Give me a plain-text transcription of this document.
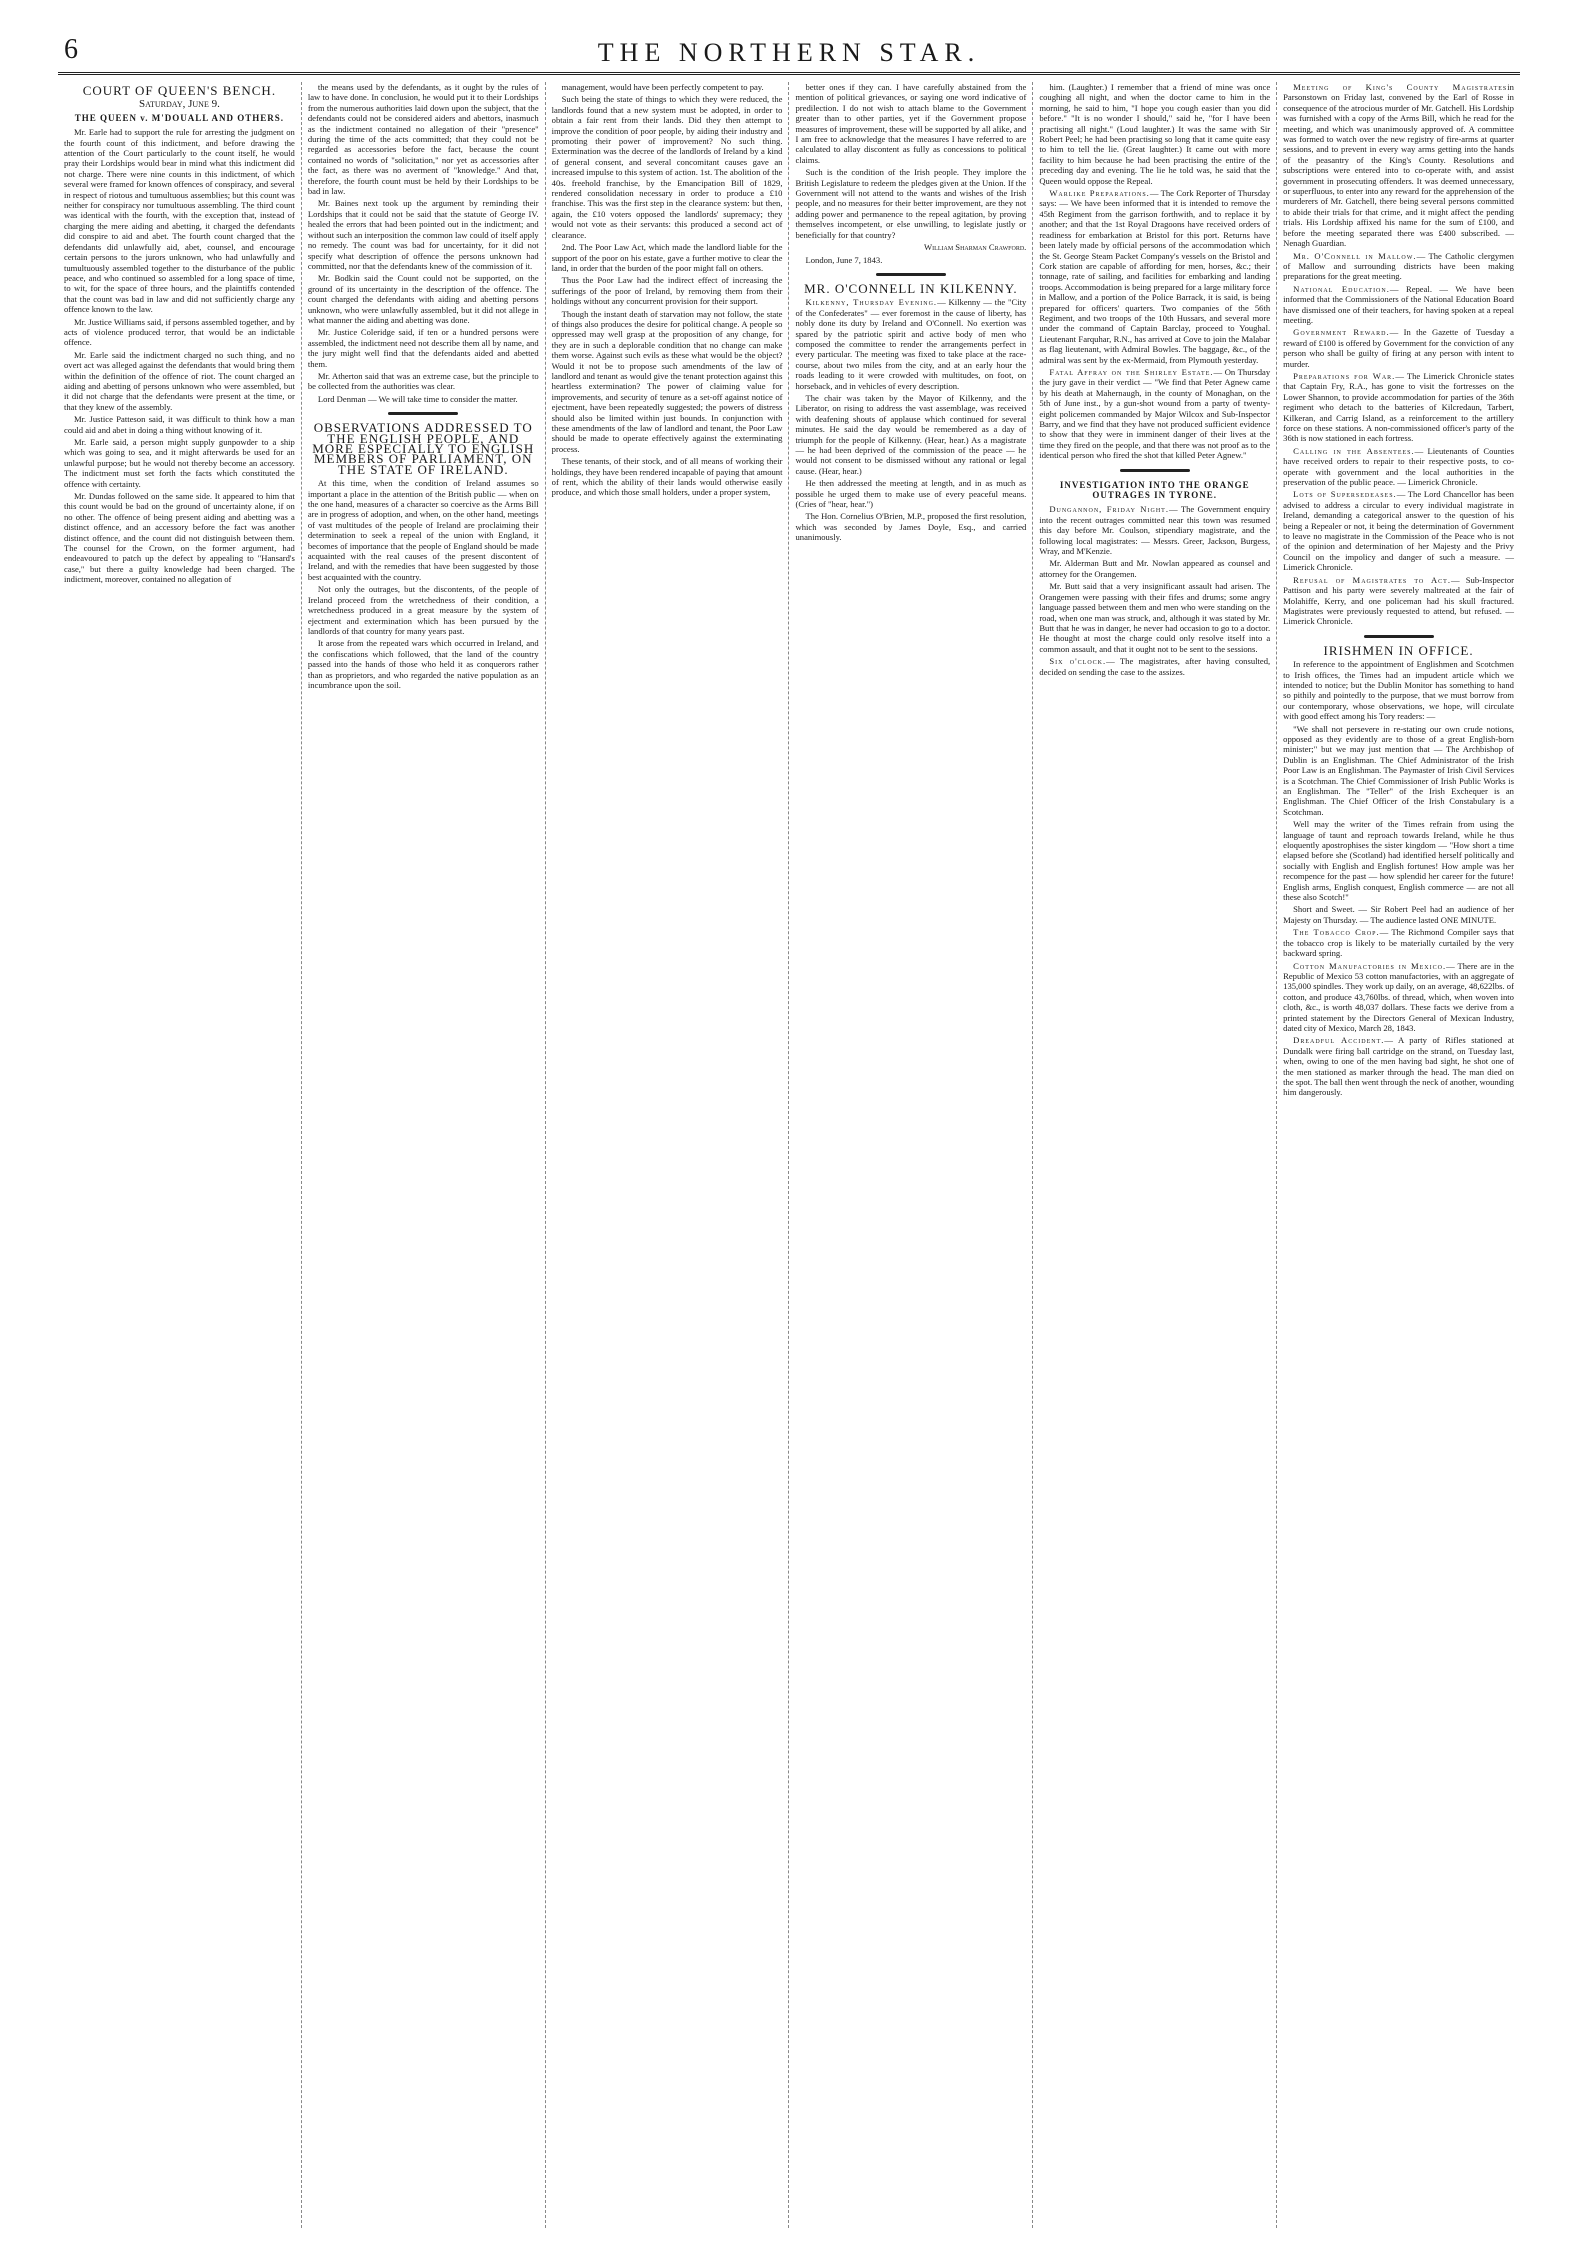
6	THE NORTHERN STAR.
COURT OF QUEEN'S BENCH.
Saturday, June 9.
THE QUEEN v. M'DOUALL AND OTHERS.

Mr. Earle had to support the rule for arresting the judgment on the fourth count of this indictment, and before drawing the attention of the Court particularly to the count itself, he would pray their Lordships would bear in mind what this indictment did not charge. There were nine counts in this indictment, of which several were framed for known offences of conspiracy, and several in respect of riotous and tumultuous assemblies; but this count was neither for conspiracy nor tumultuous assembling. The third count was identical with the fourth, with the exception that, instead of charging the mere aiding and abetting, it charged the defendants did conspire to aid and abet. The fourth count charged that the defendants did unlawfully aid, abet, counsel, and encourage certain persons to the jurors unknown, who had unlawfully and tumultuously assembled together to the disturbance of the public peace, and who continued so assembled for a long space of time, to wit, for the space of three hours, and the plaintiffs contended that the count was bad in law and did not sufficiently charge any offence known to the law.

Mr. Justice Williams said, if persons assembled together, and by acts of violence produced terror, that would be an indictable offence.

Mr. Earle said the indictment charged no such thing, and no overt act was alleged against the defendants that would bring them within the definition of the offence of riot. The count charged an aiding and abetting of persons unknown who were assembled, but it did not charge that the defendants were present at the time, or that they knew of the assembly.

Mr. Justice Patteson said, it was difficult to think how a man could aid and abet in doing a thing without knowing of it.

Mr. Earle said, a person might supply gunpowder to a ship which was going to sea, and it might afterwards be used for an unlawful purpose; but he would not thereby become an accessory. The indictment must set forth the facts which constituted the offence with certainty.

Mr. Dundas followed on the same side. It appeared to him that this count would be bad on the ground of uncertainty alone, if on no other. The offence of being present aiding and abetting was a distinct offence, and an accessory before the fact was another distinct offence, and the count did not distinguish between them. The counsel for the Crown, on the former argument, had endeavoured to patch up the defect by appealing to "Hansard's case," but there a guilty knowledge had been charged. The indictment, moreover, contained no allegation of

the means used by the defendants, as it ought by the rules of law to have done. In conclusion, he would put it to their Lordships from the numerous authorities laid down upon the subject, that the defendants could not be considered aiders and abettors, inasmuch as the indictment contained no allegation of their "presence" during the time of the acts committed; that they could not be regarded as accessories before the fact, because the count contained no words of "solicitation," nor yet as accessories after the fact, as there was no averment of "knowledge." And that, therefore, the fourth count must be held by their Lordships to be bad in law.

Mr. Baines next took up the argument by reminding their Lordships that it could not be said that the statute of George IV. healed the errors that had been pointed out in the indictment; and without such an interposition the common law could of itself apply no remedy. The count was bad for uncertainty, for it did not specify what description of offence the persons unknown had committed, nor that the defendants knew of the commission of it.

Mr. Bodkin said the Count could not be supported, on the ground of its uncertainty in the description of the offence. The count charged the defendants with aiding and abetting persons unknown, who were unlawfully assembled, but it did not allege in what manner the aiding and abetting was done.

Mr. Justice Coleridge said, if ten or a hundred persons were assembled, the indictment need not describe them all by name, and the jury might well find that the defendants aided and abetted them.

Mr. Atherton said that was an extreme case, but the principle to be collected from the authorities was clear.

Lord Denman — We will take time to consider the matter.

OBSERVATIONS ADDRESSED TO THE ENGLISH PEOPLE, AND MORE ESPECIALLY TO ENGLISH MEMBERS OF PARLIAMENT, ON THE STATE OF IRELAND.

At this time, when the condition of Ireland assumes so important a place in the attention of the British public — when on the one hand, measures of a character so coercive as the Arms Bill are in progress of adoption, and when, on the other hand, meetings of vast multitudes of the people of Ireland are proclaiming their determination to seek a repeal of the union with England, it becomes of importance that the people of England should be made acquainted with the real causes of the present discontent of Ireland, and with the remedies that have been suggested by those best acquainted with the country.

Not only the outrages, but the discontents, of the people of Ireland proceed from the wretchedness of their condition, a wretchedness produced in a great measure by the system of ejectment and extermination which has been pursued by the landlords of that country for many years past.

It arose from the repeated wars which occurred in Ireland, and the confiscations which followed, that the land of the country passed into the hands of those who held it as conquerors rather than as proprietors, and who regarded the native population as an incumbrance upon the soil.

management, would have been perfectly competent to pay.

Such being the state of things to which they were reduced, the landlords found that a new system must be adopted, in order to obtain a fair rent from their lands. Did they then attempt to improve the condition of poor people, by aiding their industry and promoting their power of improvement? No such thing. Extermination was the decree of the landlords of Ireland by a kind of general consent, and several concomitant causes gave an increased impulse to this system of action. 1st. The abolition of the 40s. freehold franchise, by the Emancipation Bill of 1829, rendered consolidation necessary in order to produce a £10 franchise. This was the first step in the clearance system: but then, again, the £10 voters opposed the landlords' supremacy; they would not vote as their servants: this produced a second act of clearance.

2nd. The Poor Law Act, which made the landlord liable for the support of the poor on his estate, gave a further motive to clear the land, in order that the burden of the poor might fall on others.

Thus the Poor Law had the indirect effect of increasing the sufferings of the poor of Ireland, by removing them from their holdings without any concurrent provision for their support.

Though the instant death of starvation may not follow, the state of things also produces the desire for political change. A people so oppressed may well grasp at the proposition of any change, for they are in such a deplorable condition that no change can make them worse. Against such evils as these what would be the object? Would it not be to propose such amendments of the law of landlord and tenant as would give the tenant protection against this heartless extermination? The power of claiming value for improvements, and security of tenure as a set-off against notice of ejectment, have been repeatedly suggested; the powers of distress should also be limited within just bounds. In conjunction with these amendments of the law of landlord and tenant, the Poor Law should be made to operate effectively against the exterminating process.

These tenants, of their stock, and of all means of working their holdings, they have been rendered incapable of paying that amount of rent, which the ability of their lands would otherwise easily produce, and which those small holders, under a proper system,

better ones if they can. I have carefully abstained from the mention of political grievances, or saying one word indicative of predilection. I do not wish to attach blame to the Government greater than to other parties, yet if the Government propose measures of improvement, these will be supported by all alike, and I am free to acknowledge that the measures I have referred to are calculated to allay discontent as fully as concessions to political claims.

Such is the condition of the Irish people. They implore the British Legislature to redeem the pledges given at the Union. If the Government will not attend to the wants and wishes of the Irish people, and no measures for their better improvement, are they not adding power and permanence to the repeal agitation, by proving themselves incompetent, or else unwilling, to legislate justly or beneficially for that country?

William Sharman Crawford.
London, June 7, 1843.
MR. O'CONNELL IN KILKENNY.

Kilkenny, Thursday Evening.— Kilkenny — the "City of the Confederates" — ever foremost in the cause of liberty, has nobly done its duty by Ireland and O'Connell. No exertion was spared by the patriotic spirit and active body of men who composed the committee to render the arrangements perfect in every particular. The meeting was fixed to take place at the race-course, about two miles from the city, and at an early hour the roads leading to it were crowded with multitudes, on foot, on horseback, and in vehicles of every description.

The chair was taken by the Mayor of Kilkenny, and the Liberator, on rising to address the vast assemblage, was received with deafening shouts of applause which continued for several minutes. He said the day would be remembered as a day of triumph for the people of Kilkenny. (Hear, hear.) As a magistrate — he had been deprived of the commission of the peace — he would not consent to be dismissed without any rational or legal cause. (Hear, hear.)

He then addressed the meeting at length, and in as much as possible he urged them to make use of every peaceful means. (Cries of "hear, hear.")

The Hon. Cornelius O'Brien, M.P., proposed the first resolution, which was seconded by James Doyle, Esq., and carried unanimously.

him. (Laughter.) I remember that a friend of mine was once coughing all night, and when the doctor came to him in the morning, he said to him, "I hope you cough easier than you did before." "It is no wonder I should," said he, "for I have been practising all night." (Loud laughter.) It was the same with Sir Robert Peel; he had been practising so long that it came quite easy to him to tell the lie. (Great laughter.) It came out with more facility to him because he had been practising the entire of the preceding day and evening. The lie he told was, he said that the Queen would oppose the Repeal.

Warlike Preparations.— The Cork Reporter of Thursday says: — We have been informed that it is intended to remove the 45th Regiment from the garrison forthwith, and to replace it by another; and that the 1st Royal Dragoons have received orders of readiness for embarkation at Bristol for this port. Returns have been lately made by official persons of the accommodation which the St. George Steam Packet Company's vessels on the Bristol and Cork station are capable of affording for men, horses, &c.; their tonnage, rate of sailing, and facilities for embarking and landing troops. Accommodation is being prepared for a large military force in Mallow, and a portion of the Police Barrack, it is said, is being prepared for officers' quarters. Two companies of the 56th Regiment, and two troops of the 10th Hussars, and several more under the command of Captain Barclay, proceed to Youghal. Lieutenant Farquhar, R.N., has arrived at Cove to join the Malabar as flag lieutenant, with Admiral Bowles. The baggage, &c., of the admiral was sent by the ex-Mermaid, from Plymouth yesterday.

Fatal Affray on the Shirley Estate.— On Thursday the jury gave in their verdict — "We find that Peter Agnew came by his death at Mahernaugh, in the county of Monaghan, on the 5th of June inst., by a gun-shot wound from a party of twenty-eight policemen commanded by Major Wilcox and Sub-Inspector Barry, and we find that they have not produced sufficient evidence to show that they were in imminent danger of their lives at the time they fired on the people, and that there was not proof as to the identical person who fired the shot that killed Peter Agnew."

INVESTIGATION INTO THE ORANGE OUTRAGES IN TYRONE.

Dungannon, Friday Night.— The Government enquiry into the recent outrages committed near this town was resumed this day before Mr. Coulson, stipendiary magistrate, and the following local magistrates: — Messrs. Greer, Jackson, Burgess, Wray, and M'Kenzie.

Mr. Alderman Butt and Mr. Nowlan appeared as counsel and attorney for the Orangemen.

Mr. Butt said that a very insignificant assault had arisen. The Orangemen were passing with their fifes and drums; some angry language passed between them and men who were standing on the road, when one man was struck, and, although it was stated by Mr. Butt that he was in danger, he never had occasion to go to a doctor. He thought at most the charge could only resolve itself into a common assault, and that it ought not to be sent to the sessions.

Six o'clock.— The magistrates, after having consulted, decided on sending the case to the assizes.

Meeting of King's County Magistratesin Parsonstown on Friday last, convened by the Earl of Rosse in consequence of the atrocious murder of Mr. Gatchell. His Lordship was furnished with a copy of the Arms Bill, which he read for the meeting, and which was unanimously approved of. A committee was formed to watch over the new registry of fire-arms at quarter sessions, and to prevent in every way arms getting into the hands of the peasantry of the King's County. Resolutions and subscriptions were entered into to co-operate with, and assist government in prosecuting offenders. It was deemed unnecessary, or superfluous, to enter into any reward for the apprehension of the murderers of Mr. Gatchell, there being several persons committed to abide their trials for that crime, and it might affect the pending trials. His Lordship affixed his name for the sum of £100, and before the meeting separated there was £400 subscribed. — Nenagh Guardian.

Mr. O'Connell in Mallow.— The Catholic clergymen of Mallow and surrounding districts have been making preparations for the great meeting.

National Education.— Repeal. — We have been informed that the Commissioners of the National Education Board have dismissed one of their teachers, for having spoken at a repeal meeting.

Government Reward.— In the Gazette of Tuesday a reward of £100 is offered by Government for the conviction of any person who shall be guilty of firing at any person with intent to murder.

Preparations for War.— The Limerick Chronicle states that Captain Fry, R.A., has gone to visit the fortresses on the Lower Shannon, to provide accommodation for parties of the 36th regiment who detach to the batteries of Kilcredaun, Tarbert, Kilkeran, and Carrig Island, as a reinforcement to the artillery force on these stations. A non-commissioned officer's party of the 36th is now stationed in each fortress.

Calling in the Absentees.— Lieutenants of Counties have received orders to repair to their respective posts, to co-operate with government and the local authorities in the preservation of the public peace. — Limerick Chronicle.

Lots of Supersedeases.— The Lord Chancellor has been advised to address a circular to every individual magistrate in Ireland, demanding a categorical answer to the question of his being a Repealer or not, it being the determination of Government to leave no magistrate in the Commission of the Peace who is not of the opinion and determination of her Majesty and the Privy Council on the impolicy and danger of such a measure. — Limerick Chronicle.

Refusal of Magistrates to Act.— Sub-Inspector Pattison and his party were severely maltreated at the fair of Molahiffe, Kerry, and one policeman had his skull fractured. Magistrates were previously requested to attend, but refused. — Limerick Chronicle.

IRISHMEN IN OFFICE.

In reference to the appointment of Englishmen and Scotchmen to Irish offices, the Times had an impudent article which we intended to notice; but the Dublin Monitor has something to hand so pithily and pointedly to the purpose, that we must borrow from our contemporary, whose observations, we hope, will circulate with good effect among his Tory readers: —

"We shall not persevere in re-stating our own crude notions, opposed as they evidently are to those of a great English-born minister;" but we may just mention that — The Archbishop of Dublin is an Englishman. The Chief Administrator of the Irish Poor Law is an Englishman. The Paymaster of Irish Civil Services is a Scotchman. The Chief Commissioner of Irish Public Works is an Englishman. The "Teller" of the Irish Exchequer is an Englishman. The Chief Officer of the Irish Constabulary is a Scotchman.

Well may the writer of the Times refrain from using the language of taunt and reproach towards Ireland, while he thus eloquently apostrophises the sister kingdom — "How short a time elapsed before she (Scotland) had identified herself politically and socially with English and English fortunes! How ample was her recompence for the past — how splendid her career for the future! English arms, English conquest, English commerce — are not all these also Scotch!"

Short and Sweet. — Sir Robert Peel had an audience of her Majesty on Thursday. — The audience lasted ONE MINUTE.

The Tobacco Crop.— The Richmond Compiler says that the tobacco crop is likely to be materially curtailed by the very backward spring.

Cotton Manufactories in Mexico.— There are in the Republic of Mexico 53 cotton manufactories, with an aggregate of 135,000 spindles. They work up daily, on an average, 48,622lbs. of cotton, and produce 43,760lbs. of thread, which, when woven into cloth, &c., is worth 48,037 dollars. These facts we derive from a printed statement by the Directors General of Mexican Industry, dated city of Mexico, March 28, 1843.

Dreadful Accident.— A party of Rifles stationed at Dundalk were firing ball cartridge on the strand, on Tuesday last, when, owing to one of the men having bad sight, he shot one of the men stationed as marker through the head. The man died on the spot. The ball then went through the neck of another, wounding him dangerously.
